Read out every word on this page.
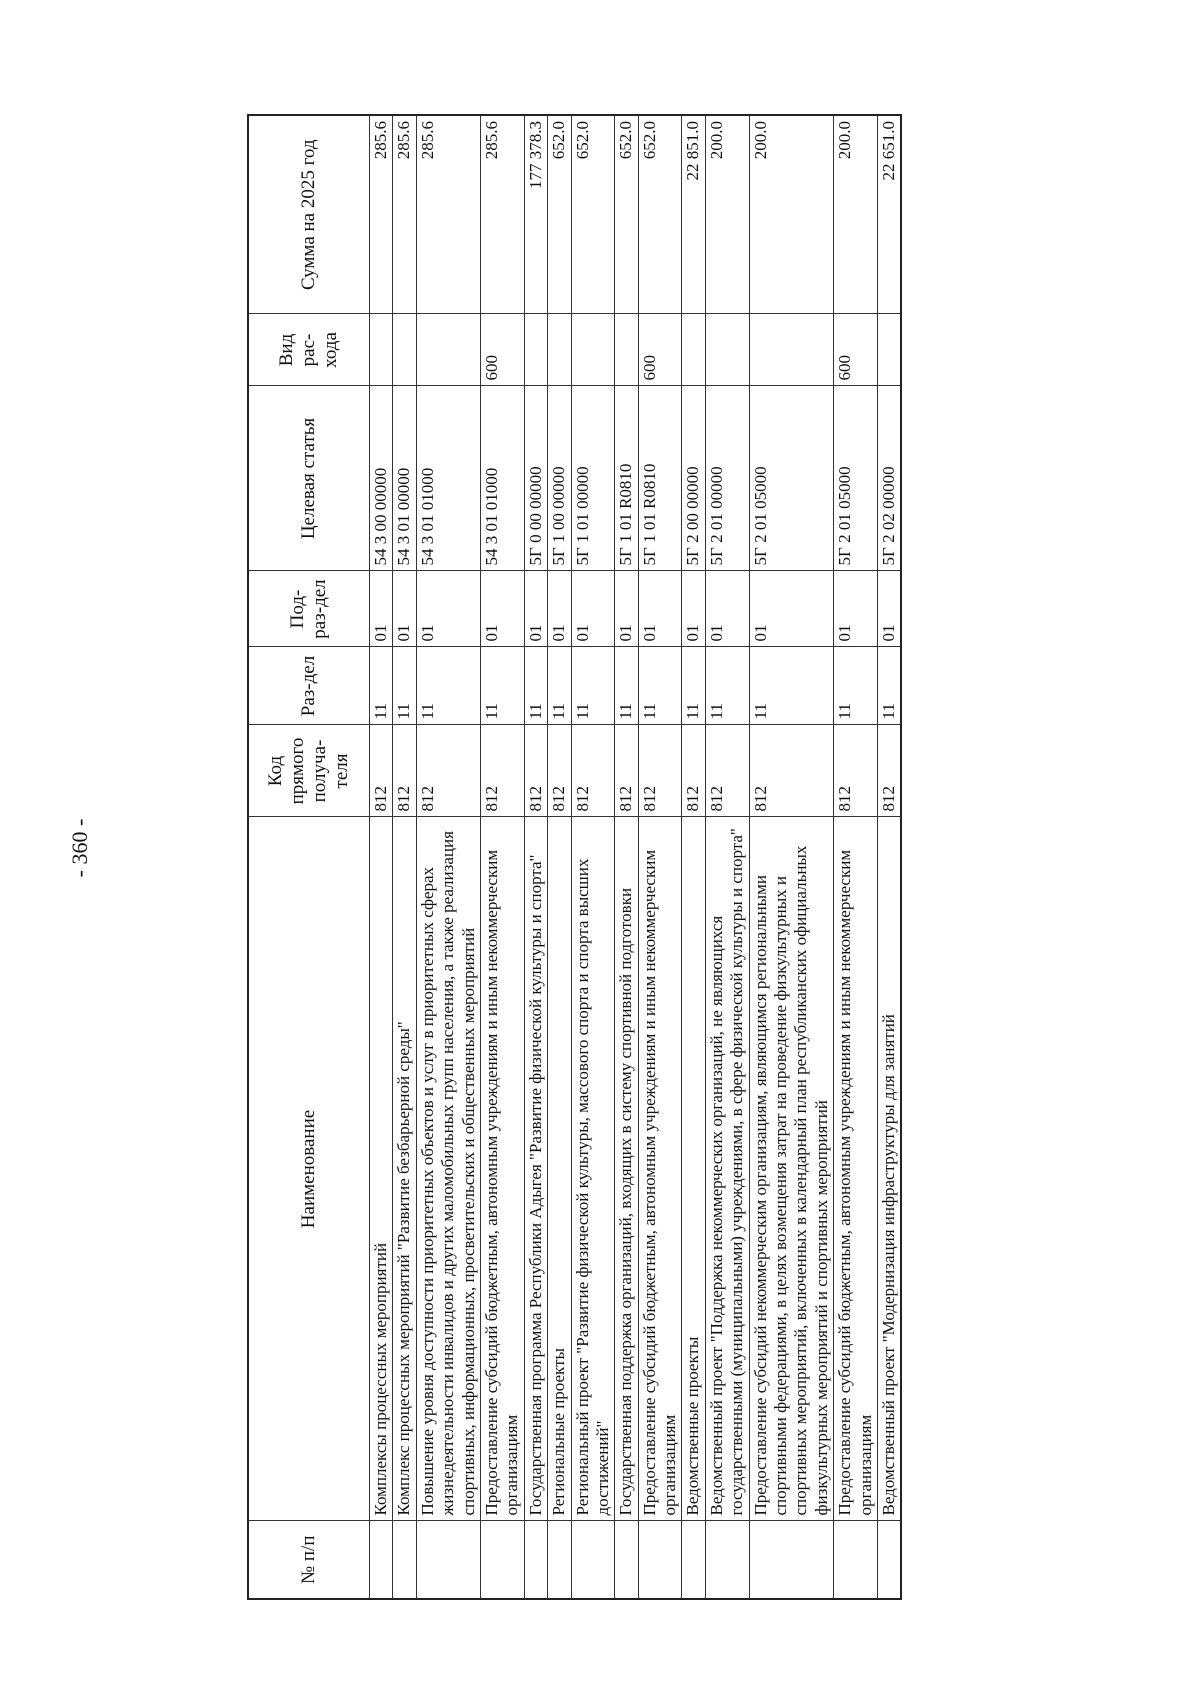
- 360 -
№ п/п	Наименование	Код прямого получа-теля	Раз-дел	Под-раз-дел	Целевая статья	Вид рас-хода	Сумма на 2025 год
	Комплексы процессных мероприятий	812	11	01	54 3 00 00000		285.6
	Комплекс процессных мероприятий "Развитие безбарьерной среды"	812	11	01	54 3 01 00000		285.6
	Повышение уровня доступности приоритетных объектов и услуг в приоритетных сферах жизнедеятельности инвалидов и других маломобильных групп населения, а также реализация спортивных, информационных, просветительских и общественных мероприятий	812	11	01	54 3 01 01000		285.6
	Предоставление субсидий бюджетным, автономным учреждениям и иным некоммерческим организациям	812	11	01	54 3 01 01000	600	285.6
	Государственная программа Республики Адыгея "Развитие физической культуры и спорта"	812	11	01	5Г 0 00 00000		177 378.3
	Региональные проекты	812	11	01	5Г 1 00 00000		652.0
	Региональный проект "Развитие физической культуры, массового спорта и спорта высших достижений"	812	11	01	5Г 1 01 00000		652.0
	Государственная поддержка организаций, входящих в систему спортивной подготовки	812	11	01	5Г 1 01 R0810		652.0
	Предоставление субсидий бюджетным, автономным учреждениям и иным некоммерческим организациям	812	11	01	5Г 1 01 R0810	600	652.0
	Ведомственные проекты	812	11	01	5Г 2 00 00000		22 851.0
	Ведомственный проект "Поддержка некоммерческих организаций, не являющихся государственными (муниципальными) учреждениями, в сфере физической культуры и спорта"	812	11	01	5Г 2 01 00000		200.0
	Предоставление субсидий некоммерческим организациям, являющимся региональными спортивными федерациями, в целях возмещения затрат на проведение физкультурных и спортивных мероприятий, включенных в календарный план республиканских официальных физкультурных мероприятий и спортивных мероприятий	812	11	01	5Г 2 01 05000		200.0
	Предоставление субсидий бюджетным, автономным учреждениям и иным некоммерческим организациям	812	11	01	5Г 2 01 05000	600	200.0
	Ведомственный проект "Модернизация инфраструктуры для занятий	812	11	01	5Г 2 02 00000		22 651.0
